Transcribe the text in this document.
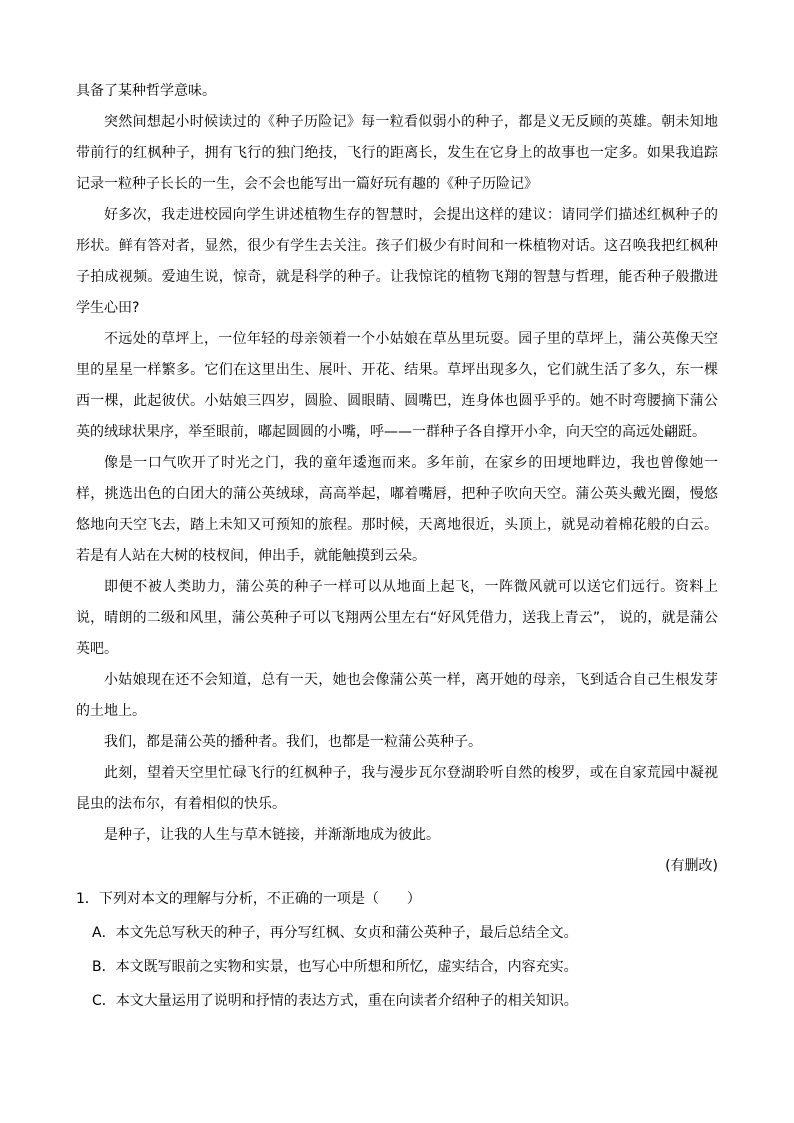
具备了某种哲学意味。

突然间想起小时候读过的《种子历险记》每一粒看似弱小的种子，都是义无反顾的英雄。朝未知地带前行的红枫种子，拥有飞行的独门绝技，飞行的距离长，发生在它身上的故事也一定多。如果我追踪记录一粒种子长长的一生，会不会也能写出一篇好玩有趣的《种子历险记》

好多次，我走进校园向学生讲述植物生存的智慧时，会提出这样的建议：请同学们描述红枫种子的形状。鲜有答对者，显然，很少有学生去关注。孩子们极少有时间和一株植物对话。这召唤我把红枫种子拍成视频。爱迪生说，惊奇，就是科学的种子。让我惊诧的植物飞翔的智慧与哲理，能否种子般撒进学生心田?

不远处的草坪上，一位年轻的母亲领着一个小姑娘在草丛里玩耍。园子里的草坪上，蒲公英像天空里的星星一样繁多。它们在这里出生、展叶、开花、结果。草坪出现多久，它们就生活了多久，东一棵西一棵，此起彼伏。小姑娘三四岁，圆脸、圆眼睛、圆嘴巴，连身体也圆乎乎的。她不时弯腰摘下蒲公英的绒球状果序，举至眼前，嘟起圆圆的小嘴，呼——一群种子各自撑开小伞，向天空的高远处翩跹。

像是一口气吹开了时光之门，我的童年逶迤而来。多年前，在家乡的田埂地畔边，我也曾像她一样，挑选出色的白团大的蒲公英绒球，高高举起，嘟着嘴唇，把种子吹向天空。蒲公英头戴光圈，慢悠悠地向天空飞去，踏上未知又可预知的旅程。那时候，天离地很近，头顶上，就晃动着棉花般的白云。若是有人站在大树的枝杈间，伸出手，就能触摸到云朵。

即便不被人类助力，蒲公英的种子一样可以从地面上起飞，一阵微风就可以送它们远行。资料上说，晴朗的二级和风里，蒲公英种子可以飞翔两公里左右“好风凭借力，送我上青云”， 说的，就是蒲公英吧。

小姑娘现在还不会知道，总有一天，她也会像蒲公英一样，离开她的母亲，飞到适合自己生根发芽的土地上。

我们，都是蒲公英的播种者。我们，也都是一粒蒲公英种子。

此刻，望着天空里忙碌飞行的红枫种子，我与漫步瓦尔登湖聆听自然的梭罗，或在自家荒园中凝视昆虫的法布尔，有着相似的快乐。

是种子，让我的人生与草木链接，并渐渐地成为彼此。

(有删改)

1．下列对本文的理解与分析，不正确的一项是（　　）

A．本文先总写秋天的种子，再分写红枫、女贞和蒲公英种子，最后总结全文。

B．本文既写眼前之实物和实景，也写心中所想和所忆，虚实结合，内容充实。

C．本文大量运用了说明和抒情的表达方式，重在向读者介绍种子的相关知识。
